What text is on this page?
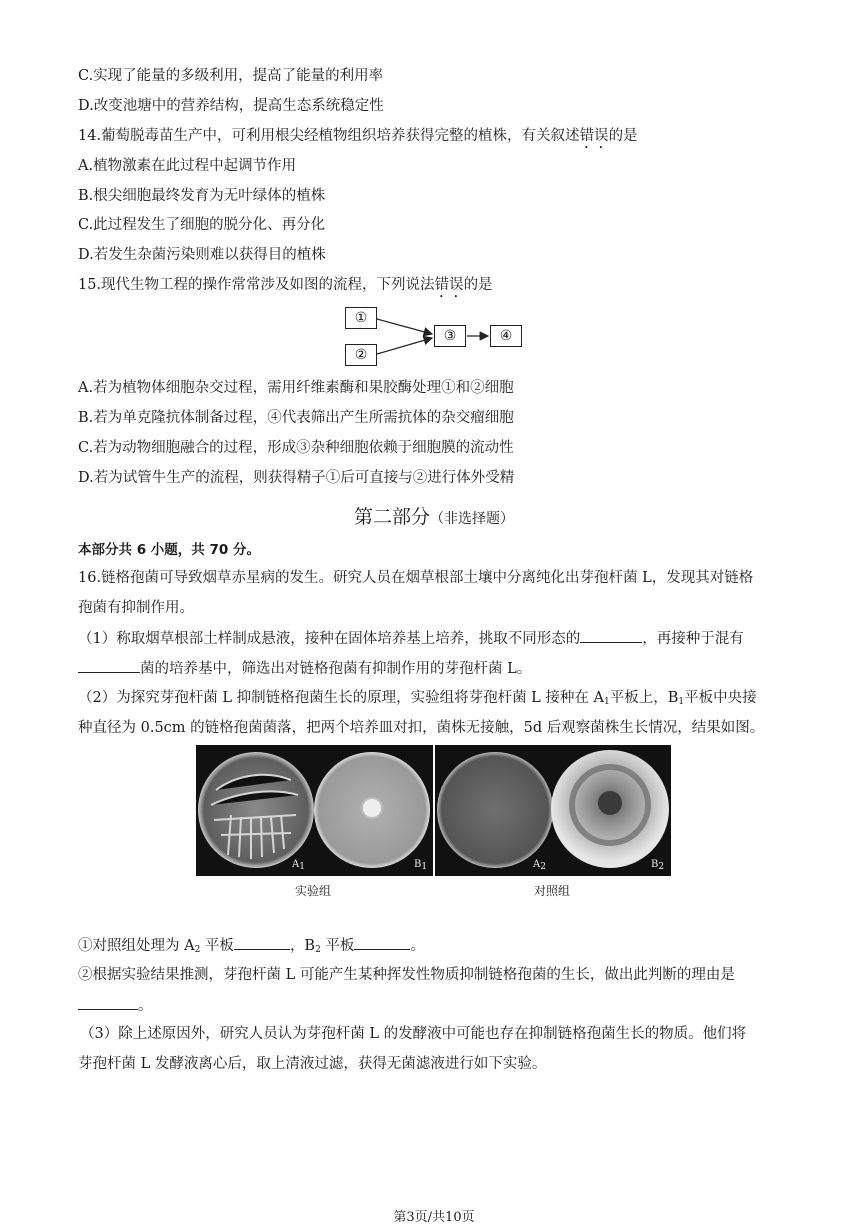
C.实现了能量的多级利用，提高了能量的利用率
D.改变池塘中的营养结构，提高生态系统稳定性
14.葡萄脱毒苗生产中，可利用根尖经植物组织培养获得完整的植株，有关叙述错误的是
A.植物激素在此过程中起调节作用
B.根尖细胞最终发育为无叶绿体的植株
C.此过程发生了细胞的脱分化、再分化
D.若发生杂菌污染则难以获得目的植株
15.现代生物工程的操作常常涉及如图的流程，下列说法错误的是
①
②
③	④
A.若为植物体细胞杂交过程，需用纤维素酶和果胶酶处理①和②细胞
B.若为单克隆抗体制备过程，④代表筛出产生所需抗体的杂交瘤细胞
C.若为动物细胞融合的过程，形成③杂种细胞依赖于细胞膜的流动性
D.若为试管牛生产的流程，则获得精子①后可直接与②进行体外受精
第二部分（非选择题）
本部分共 6 小题，共 70 分。
16.链格孢菌可导致烟草赤星病的发生。研究人员在烟草根部土壤中分离纯化出芽孢杆菌 L，发现其对链格
孢菌有抑制作用。
（1）称取烟草根部土样制成悬液，接种在固体培养基上培养，挑取不同形态的	，再接种于混有
菌的培养基中，筛选出对链格孢菌有抑制作用的芽孢杆菌 L。
（2）为探究芽孢杆菌 L 抑制链格孢菌生长的原理，实验组将芽孢杆菌 L 接种在 $A_1$平板上，$B_1$平板中央接
种直径为 0.5cm 的链格孢菌菌落，把两个培养皿对扣，菌株无接触，5d 后观察菌株生长情况，结果如图。
$A_1$	$B_1$	$A_2$	$B_2$
实验组	对照组
①对照组处理为 $A_2$ 平板	，$B_2$ 平板	。
②根据实验结果推测，芽孢杆菌 L 可能产生某种挥发性物质抑制链格孢菌的生长，做出此判断的理由是
。
（3）除上述原因外，研究人员认为芽孢杆菌 L 的发酵液中可能也存在抑制链格孢菌生长的物质。他们将
芽孢杆菌 L 发酵液离心后，取上清液过滤，获得无菌滤液进行如下实验。
第3页/共10页
